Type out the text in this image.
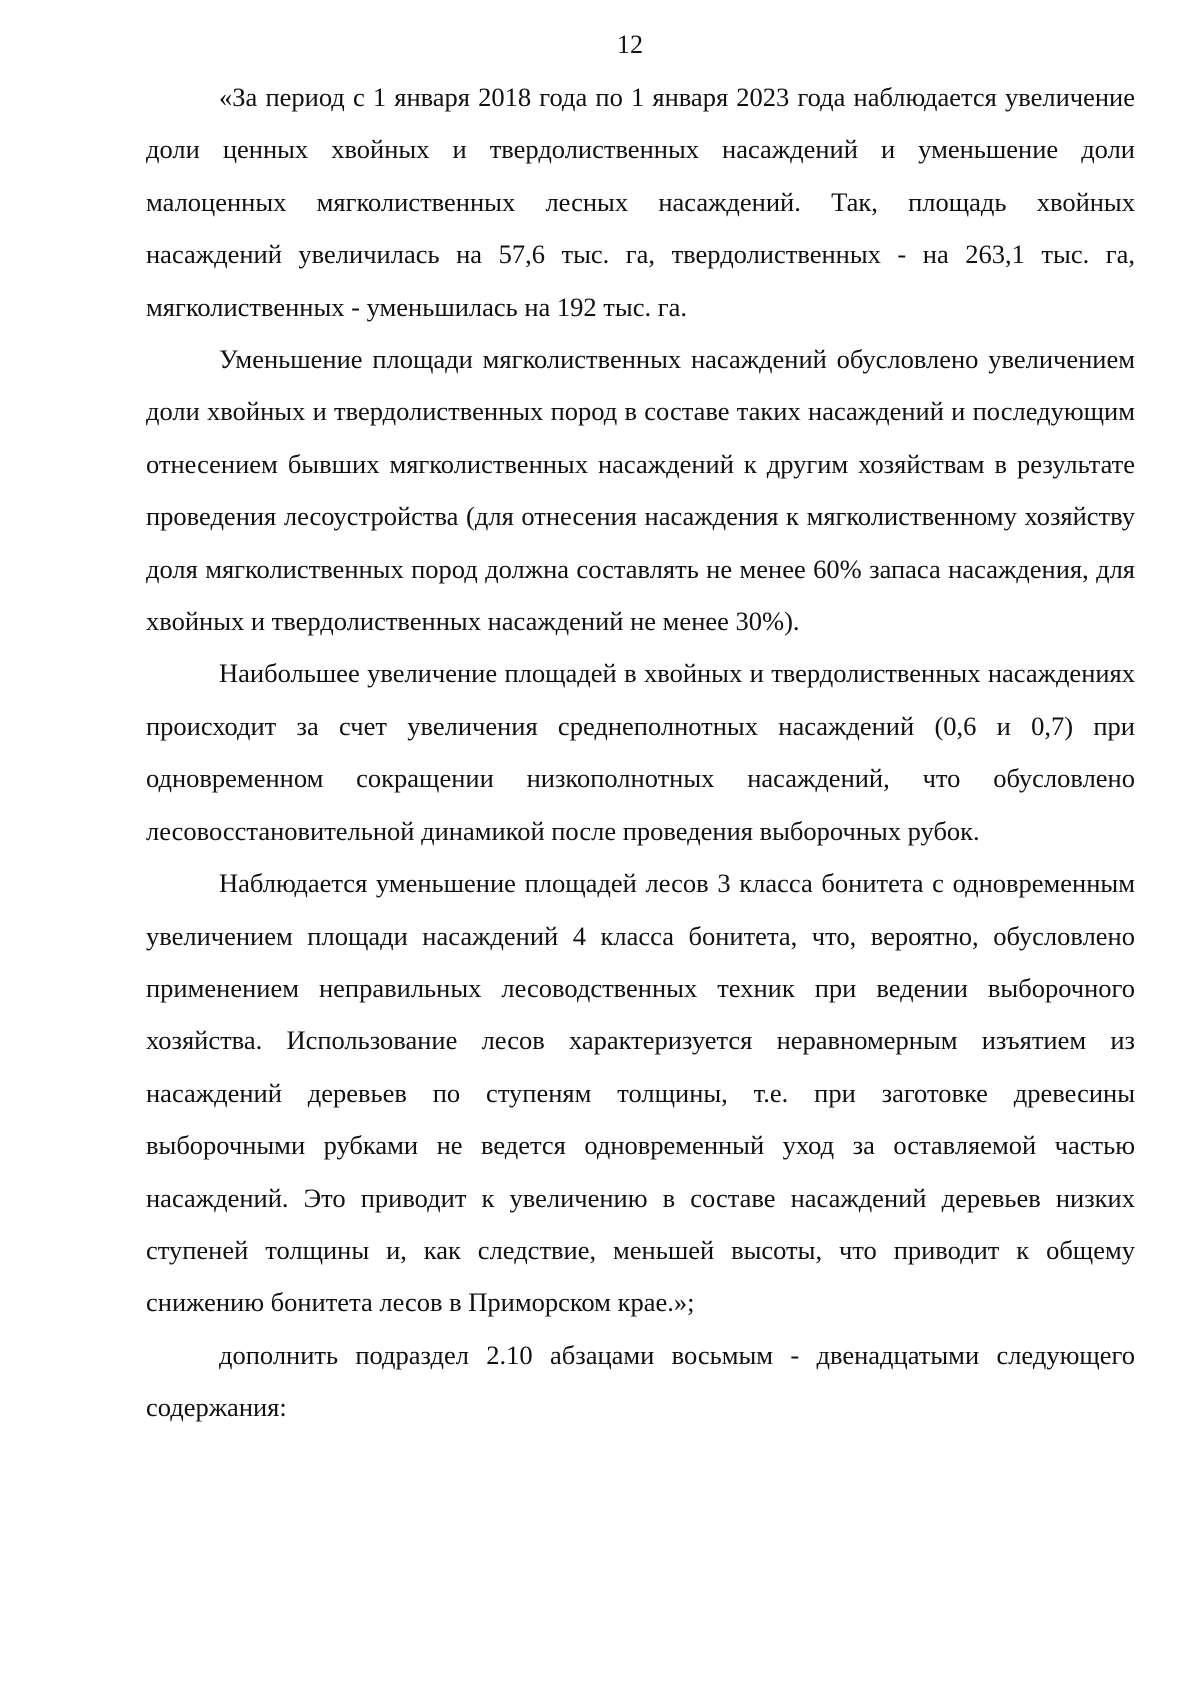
12

«За период с 1 января 2018 года по 1 января 2023 года наблюдается увеличение доли ценных хвойных и твердолиственных насаждений и уменьшение доли малоценных мягколиственных лесных насаждений. Так, площадь хвойных насаждений увеличилась на 57,6 тыс. га, твердолиственных - на 263,1 тыс. га, мягколиственных - уменьшилась на 192 тыс. га.

Уменьшение площади мягколиственных насаждений обусловлено увеличением доли хвойных и твердолиственных пород в составе таких насаждений и последующим отнесением бывших мягколиственных насаждений к другим хозяйствам в результате проведения лесоустройства (для отнесения насаждения к мягколиственному хозяйству доля мягколиственных пород должна составлять не менее 60% запаса насаждения, для хвойных и твердолиственных насаждений не менее 30%).

Наибольшее увеличение площадей в хвойных и твердолиственных насаждениях происходит за счет увеличения среднеполнотных насаждений (0,6 и 0,7) при одновременном сокращении низкополнотных насаждений, что обусловлено лесовосстановительной динамикой после проведения выборочных рубок.

Наблюдается уменьшение площадей лесов 3 класса бонитета с одновременным увеличением площади насаждений 4 класса бонитета, что, вероятно, обусловлено применением неправильных лесоводственных техник при ведении выборочного хозяйства. Использование лесов характеризуется неравномерным изъятием из насаждений деревьев по ступеням толщины, т.е. при заготовке древесины выборочными рубками не ведется одновременный уход за оставляемой частью насаждений. Это приводит к увеличению в составе насаждений деревьев низких ступеней толщины и, как следствие, меньшей высоты, что приводит к общему снижению бонитета лесов в Приморском крае.»;

дополнить подраздел 2.10 абзацами восьмым - двенадцатыми следующего содержания:
